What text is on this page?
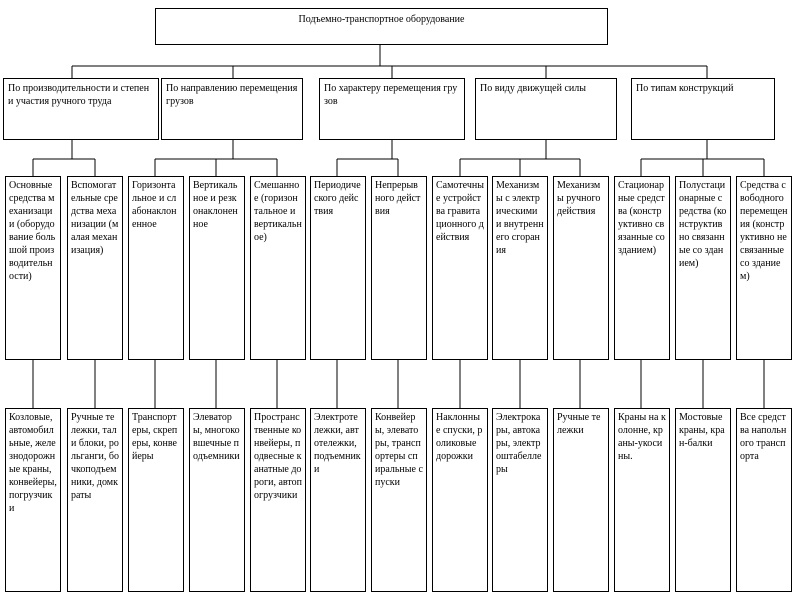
Подъемно-транспортное оборудование
По производительности и степени участия ручного труда
По направлению перемещения грузов
По характеру перемещения грузов
По виду движущей силы	По типам конструкций
Основные средства механизации (оборудование большой производительности)
Вспомогательные средства механизации (малая механизация)
Горизонтальное и слабонаклоненное
Вертикальное и резконаклоненное
Смешанное (горизонтальное и вертикальное)
Периодического действия
Непрерывного действия
Самотечные устройства гравитационного действия
Механизмы с электрическими и внутреннего сгорания
Механизмы ручного действия
Стационарные средства (конструктивно связанные со зданием)
Полустационарные средства (конструктивно связанные со зданием)
Средства свободного перемещения (конструктивно не связанные со зданием)
Козловые, автомобильные, железнодорожные краны, конвейеры, погрузчики
Ручные тележки, тали блоки, рольганги, бочкоподъемники, домкраты
Транспортеры, скреперы, конвейеры
Элеваторы, многоковшечные подъемники
Пространственные конвейеры, подвесные канатные дороги, автопогрузчики
Электротележки, автотележки, подъемники
Конвейеры, элеваторы, транспортеры спиральные спуски
Наклонные спуски, роликовые дорожки
Электрокары, автокары, электроштабеллеры
Ручные тележки
Краны на колонне, краны-укосины.
Мостовые краны, кран-балки
Все средства напольного транспорта
